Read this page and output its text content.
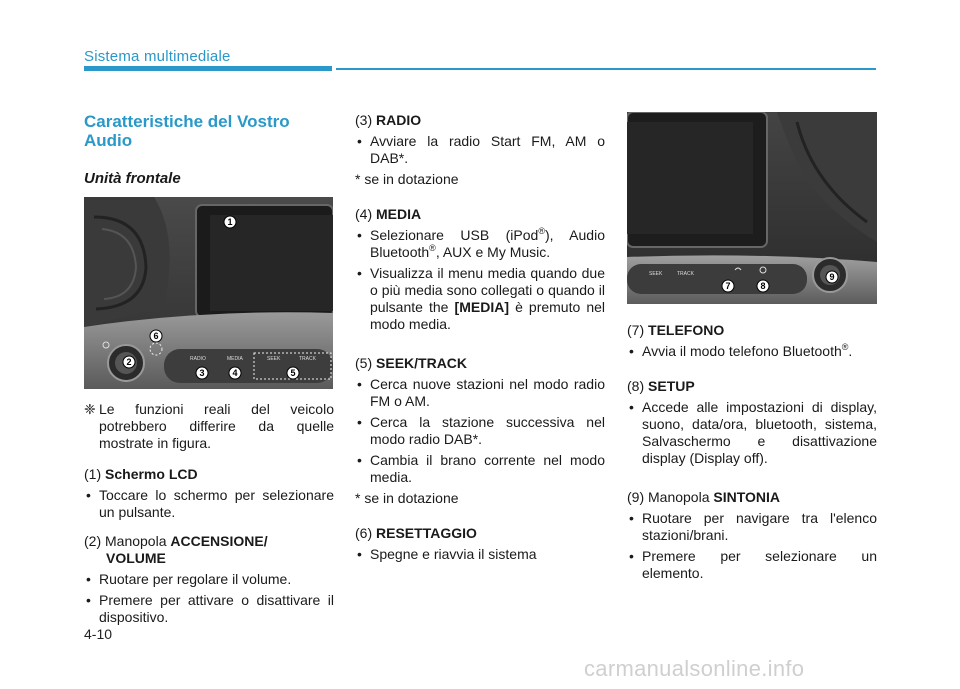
Sistema multimediale
Caratteristiche del Vostro Audio
Unità frontale
RADIO	MEDIA	SEEK	TRACK
1
2
3	4	5
6
❈ Le funzioni reali del veicolo potrebbero differire da quelle mostrate in figura.
(1) Schermo LCD
• Toccare lo schermo per selezionare un pulsante.
(2) Manopola ACCENSIONE/
VOLUME
• Ruotare per regolare il volume.
• Premere per attivare o disattivare il dispositivo.
(3) RADIO
• Avviare la radio Start FM, AM o DAB*.
* se in dotazione
(4) MEDIA
• Selezionare USB (iPod®), Audio Bluetooth®, AUX e My Music.
• Visualizza il menu media quando due o più media sono collegati o quando il pulsante the [MEDIA] è premuto nel modo media.
(5) SEEK/TRACK
• Cerca nuove stazioni nel modo radio FM o AM.
• Cerca la stazione successiva nel modo radio DAB*.
• Cambia il brano corrente nel modo media.
* se in dotazione
(6) RESETTAGGIO
• Spegne e riavvia il sistema
SEEK	TRACK
7	8
9
(7) TELEFONO
• Avvia il modo telefono Bluetooth®.
(8) SETUP
• Accede alle impostazioni di display, suono, data/ora, bluetooth, sistema, Salvaschermo e disattivazione display (Display off).
(9) Manopola SINTONIA
• Ruotare per navigare tra l'elenco stazioni/brani.
• Premere per selezionare un elemento.
4-10
carmanualsonline.info
